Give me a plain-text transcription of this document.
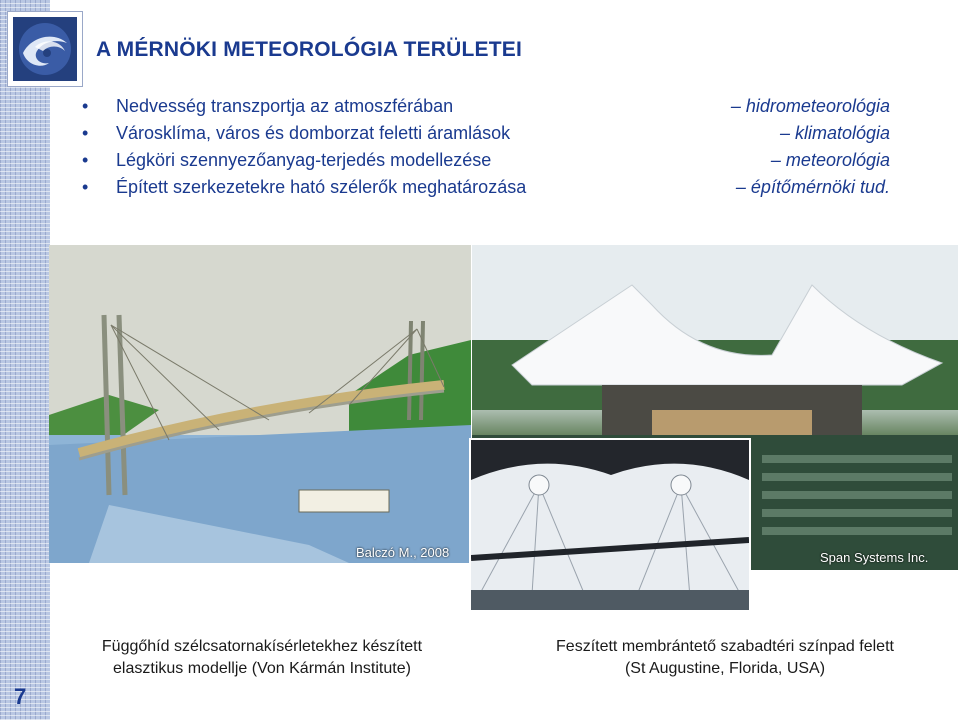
A MÉRNÖKI METEOROLÓGIA TERÜLETEI
• Nedvesség transzportja az atmoszférában	– hidrometeorológia
• Városklíma, város és domborzat feletti áramlások	– klimatológia
• Légköri szennyezőanyag-terjedés modellezése	– meteorológia
• Épített szerkezetekre ható szélerők meghatározása	– építőmérnöki tud.
Balczó M., 2008	Span Systems Inc.
Függőhíd szélcsatornakísérletekhez készített
elasztikus modellje (Von Kármán Institute)
Feszített membrántető szabadtéri színpad felett
(St Augustine, Florida, USA)
7
